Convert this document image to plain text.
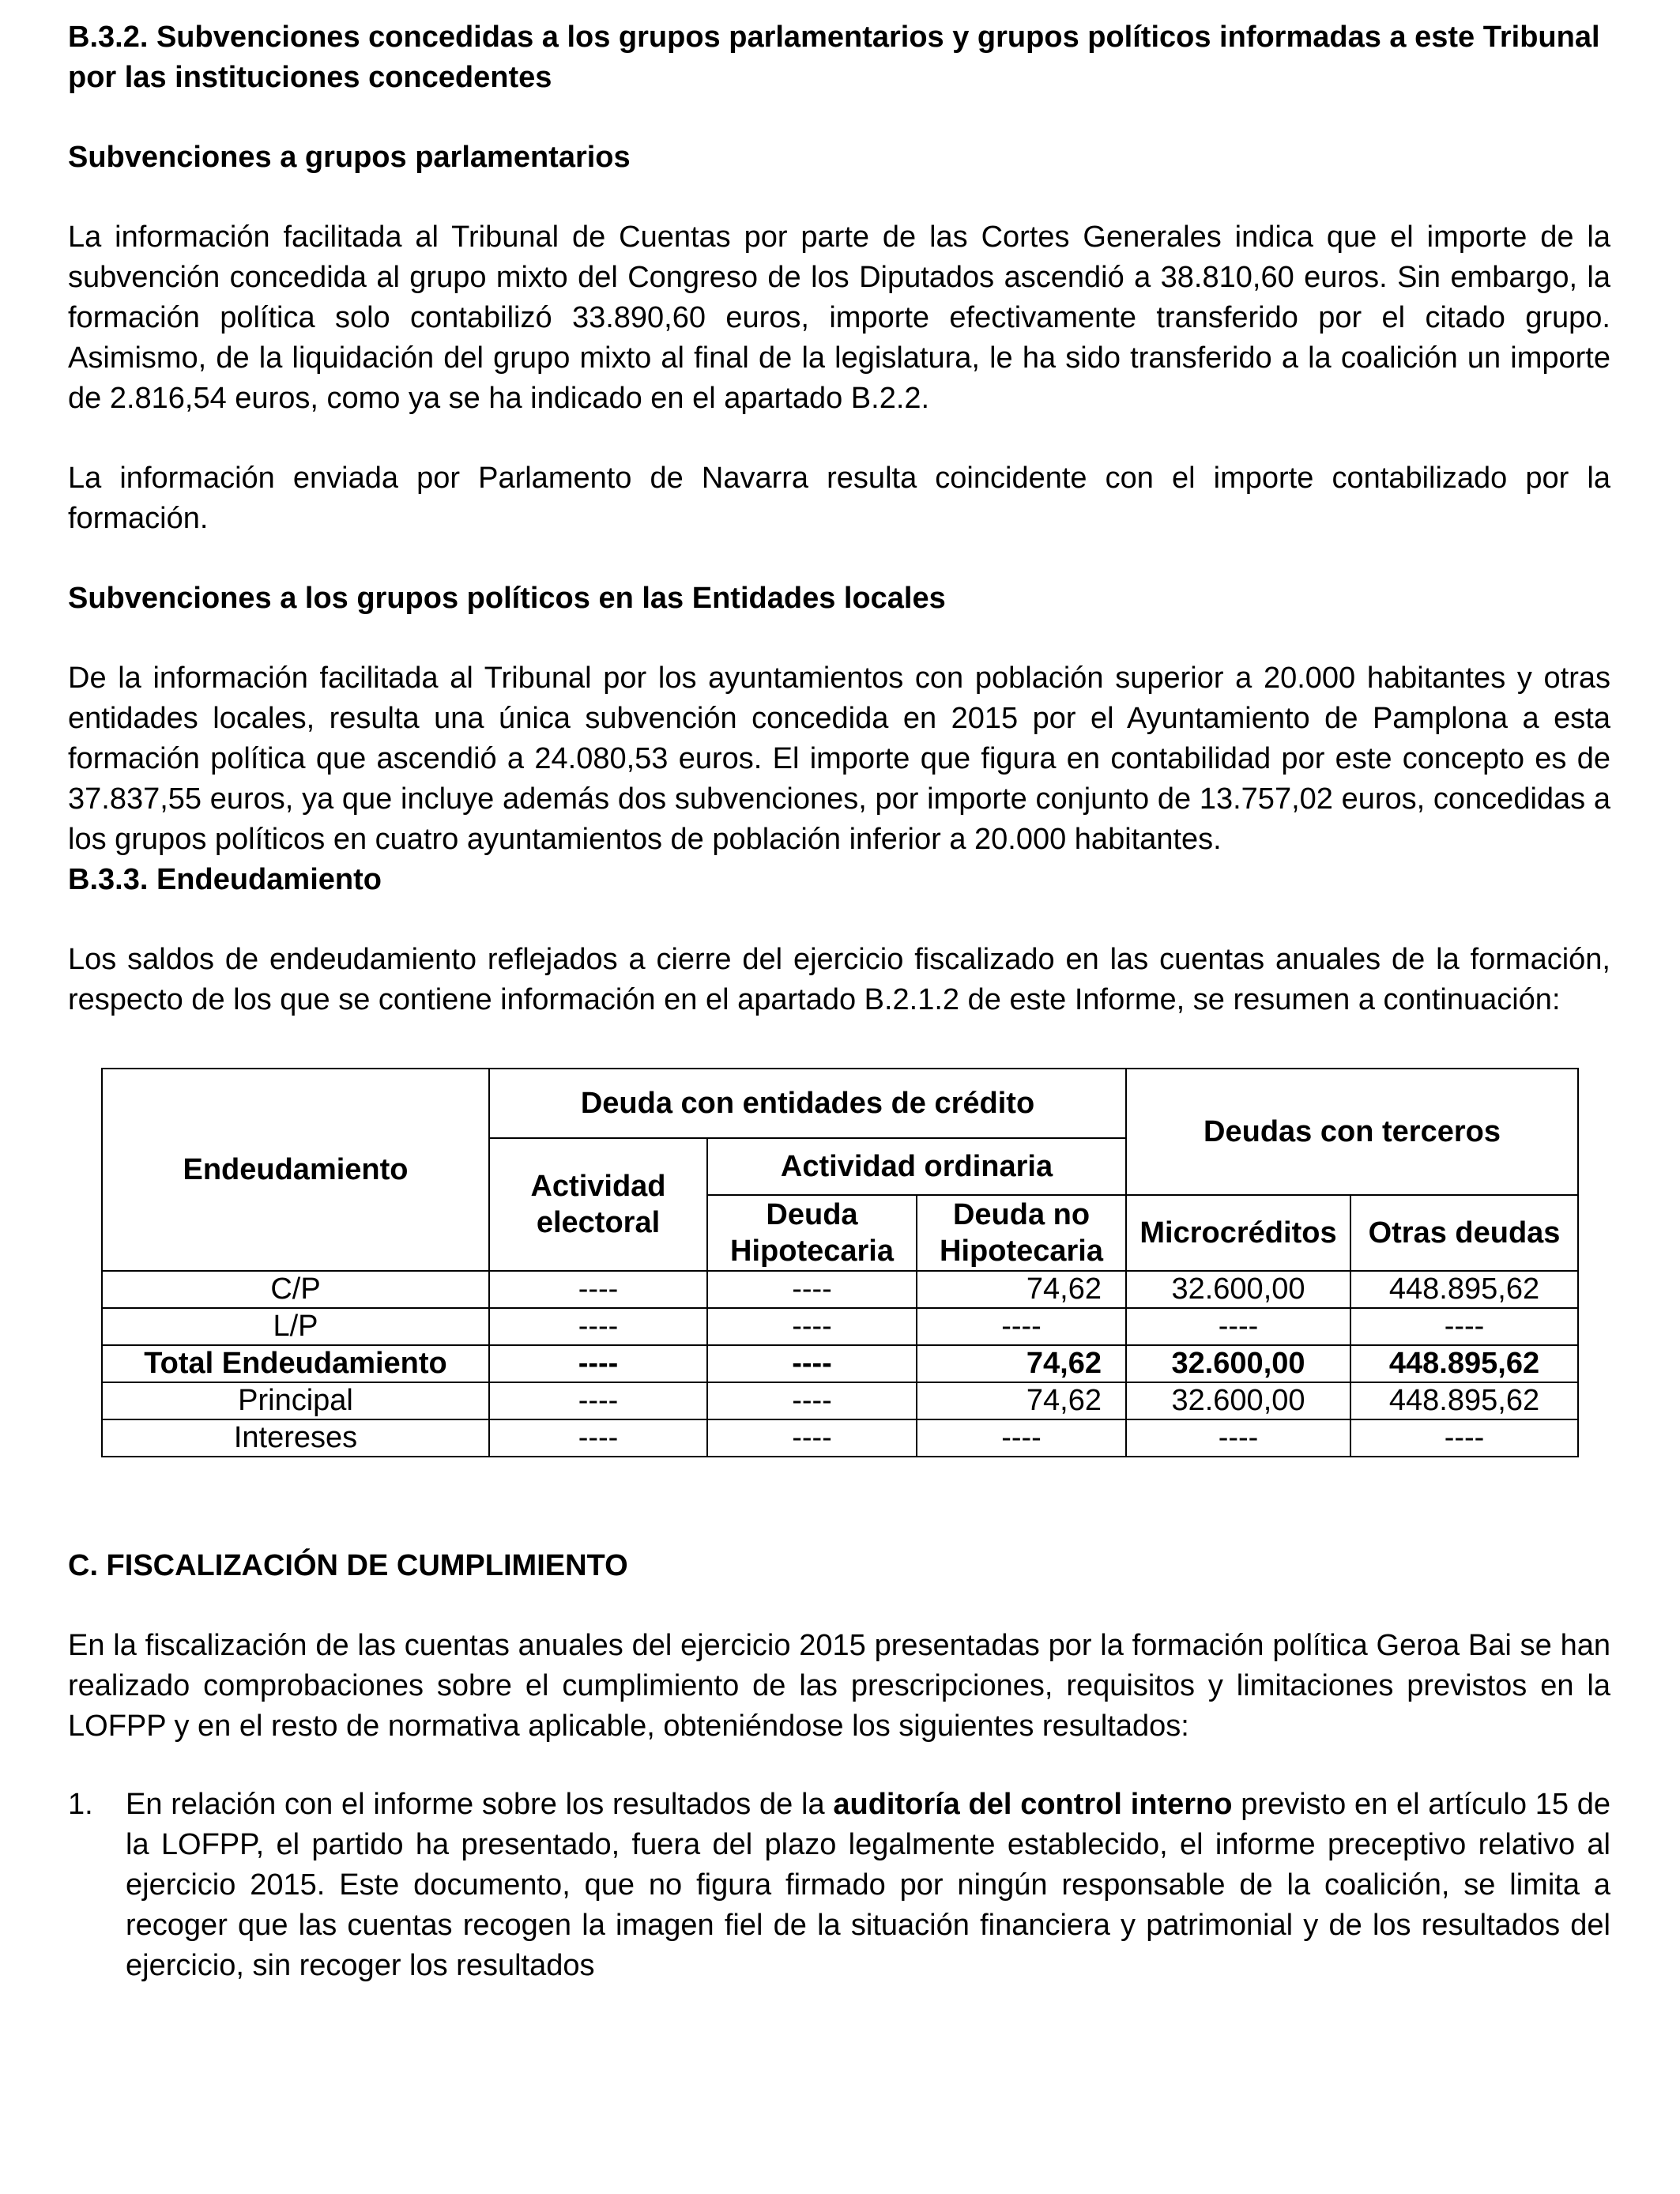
B.3.2. Subvenciones concedidas a los grupos parlamentarios y grupos políticos informadas a este Tribunal por las instituciones concedentes
Subvenciones a grupos parlamentarios

La información facilitada al Tribunal de Cuentas por parte de las Cortes Generales indica que el importe de la subvención concedida al grupo mixto del Congreso de los Diputados ascendió a 38.810,60 euros. Sin embargo, la formación política solo contabilizó 33.890,60 euros, importe efectivamente transferido por el citado grupo. Asimismo, de la liquidación del grupo mixto al final de la legislatura, le ha sido transferido a la coalición un importe de 2.816,54 euros, como ya se ha indicado en el apartado B.2.2.

La información enviada por Parlamento de Navarra resulta coincidente con el importe contabilizado por la formación.

Subvenciones a los grupos políticos en las Entidades locales

De la información facilitada al Tribunal por los ayuntamientos con población superior a 20.000 habitantes y otras entidades locales, resulta una única subvención concedida en 2015 por el Ayuntamiento de Pamplona a esta formación política que ascendió a 24.080,53 euros. El importe que figura en contabilidad por este concepto es de 37.837,55 euros, ya que incluye además dos subvenciones, por importe conjunto de 13.757,02 euros, concedidas a los grupos políticos en cuatro ayuntamientos de población inferior a 20.000 habitantes.

B.3.3. Endeudamiento

Los saldos de endeudamiento reflejados a cierre del ejercicio fiscalizado en las cuentas anuales de la formación, respecto de los que se contiene información en el apartado B.2.1.2 de este Informe, se resumen a continuación:

Endeudamiento	Deuda con entidades de crédito			Deudas con terceros	
	Actividad electoral	Actividad ordinaria			
		Deuda Hipotecaria	Deuda no Hipotecaria	Microcréditos	Otras deudas
C/P	----	----	74,62	32.600,00	448.895,62
L/P	----	----	----	----	----
Total Endeudamiento	----	----	74,62	32.600,00	448.895,62
Principal	----	----	74,62	32.600,00	448.895,62
Intereses	----	----	----	----	----
C. FISCALIZACIÓN DE CUMPLIMIENTO

En la fiscalización de las cuentas anuales del ejercicio 2015 presentadas por la formación política Geroa Bai se han realizado comprobaciones sobre el cumplimiento de las prescripciones, requisitos y limitaciones previstos en la LOFPP y en el resto de normativa aplicable, obteniéndose los siguientes resultados:

1. En relación con el informe sobre los resultados de la auditoría del control interno previsto en el artículo 15 de la LOFPP, el partido ha presentado, fuera del plazo legalmente establecido, el informe preceptivo relativo al ejercicio 2015. Este documento, que no figura firmado por ningún responsable de la coalición, se limita a recoger que las cuentas recogen la imagen fiel de la situación financiera y patrimonial y de los resultados del ejercicio, sin recoger los resultados
